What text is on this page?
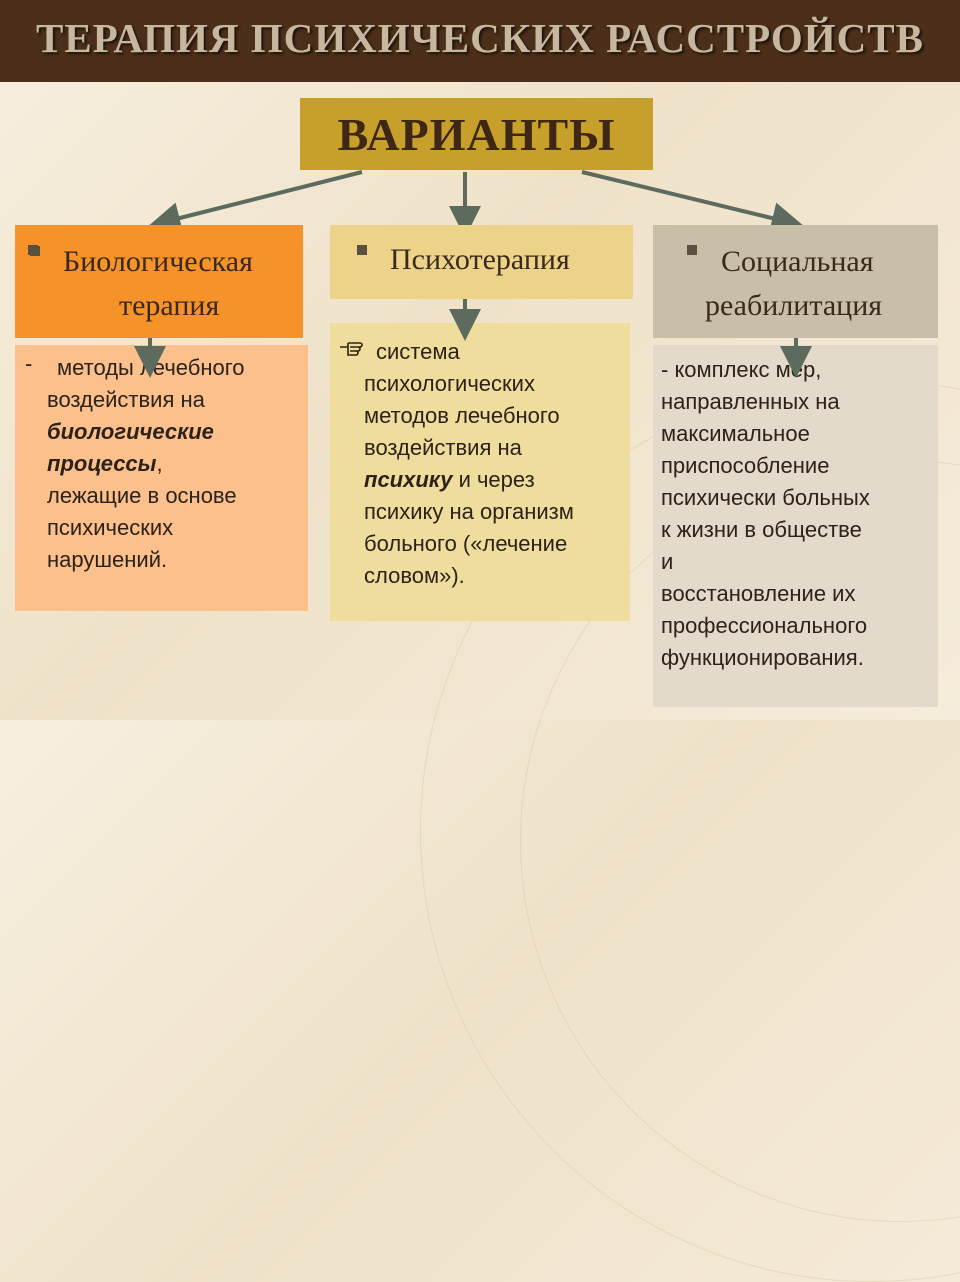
ТЕРАПИЯ ПСИХИЧЕСКИХ РАССТРОЙСТВ
ВАРИАНТЫ
Биологическая
терапия
Психотерапия	Социальная
реабилитация
- методы лечебного
воздействия на
биологические
процессы,
лежащие в основе
психических
нарушений.
система
психологических
методов лечебного
воздействия на
психику и через
психику на организм
больного («лечение
словом»).
- комплекс мер,
направленных на
максимальное
приспособление
психически больных
к жизни в обществе
и
восстановление их
профессионального
функционирования.
